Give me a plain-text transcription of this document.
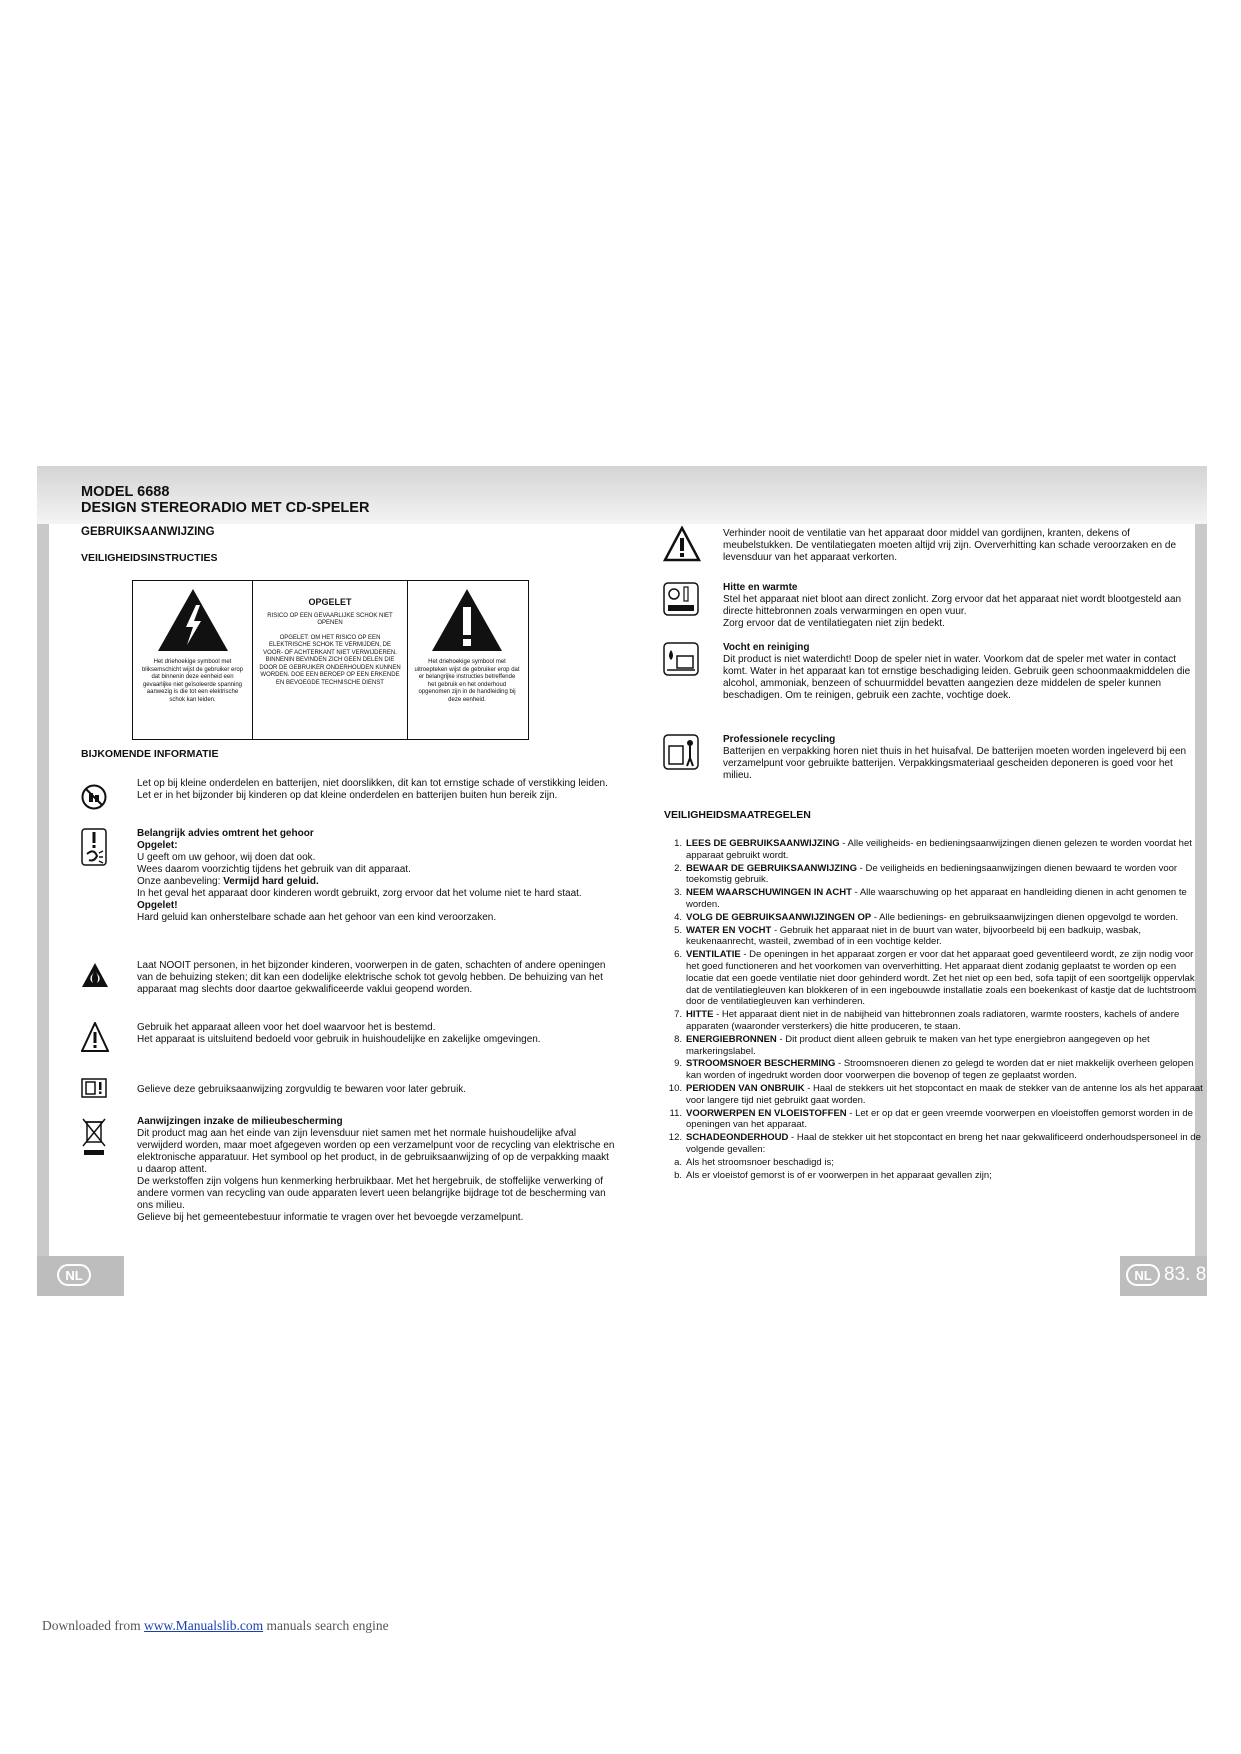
MODEL 6688
DESIGN STEREORADIO MET CD-SPELER
GEBRUIKSAANWIJZING
VEILIGHEIDSINSTRUCTIES
Het driehoekige symbool met bliksemschicht wijst de gebruiker erop dat binnenin deze eenheid een gevaarlijke niet geïsoleerde spanning aanwezig is die tot een elektrische schok kan leiden.
OPGELET
RISICO OP EEN GEVAARLIJKE SCHOK NIET OPENEN
OPGELET: OM HET RISICO OP EEN ELEKTRISCHE SCHOK TE VERMIJDEN, DE VOOR- OF ACHTERKANT NIET VERWIJDEREN. BINNENIN BEVINDEN ZICH GEEN DELEN DIE DOOR DE GEBRUIKER ONDERHOUDEN KUNNEN WORDEN. DOE EEN BEROEP OP EEN ERKENDE EN BEVOEGDE TECHNISCHE DIENST
Het driehoekige symbool met uitroepteken wijst de gebruiker erop dat er belangrijke instructies betreffende het gebruik en het onderhoud opgenomen zijn in de handleiding bij deze eenheid.
BIJKOMENDE INFORMATIE

Let op bij kleine onderdelen en batterijen, niet doorslikken, dit kan tot ernstige schade of verstikking leiden. Let er in het bijzonder bij kinderen op dat kleine onderdelen en batterijen buiten hun bereik zijn.

Belangrijk advies omtrent het gehoor

Opgelet:

U geeft om uw gehoor, wij doen dat ook.

Wees daarom voorzichtig tijdens het gebruik van dit apparaat.

Onze aanbeveling: Vermijd hard geluid.

In het geval het apparaat door kinderen wordt gebruikt, zorg ervoor dat het volume niet te hard staat.

Opgelet!

Hard geluid kan onherstelbare schade aan het gehoor van een kind veroorzaken.

Laat NOOIT personen, in het bijzonder kinderen, voorwerpen in de gaten, schachten of andere openingen van de behuizing steken; dit kan een dodelijke elektrische schok tot gevolg hebben. De behuizing van het apparaat mag slechts door daartoe gekwalificeerde vaklui geopend worden.

Gebruik het apparaat alleen voor het doel waarvoor het is bestemd.

Het apparaat is uitsluitend bedoeld voor gebruik in huishoudelijke en zakelijke omgevingen.

Gelieve deze gebruiksaanwijzing zorgvuldig te bewaren voor later gebruik.

Aanwijzingen inzake de milieubescherming

Dit product mag aan het einde van zijn levensduur niet samen met het normale huishoudelijke afval verwijderd worden, maar moet afgegeven worden op een verzamelpunt voor de recycling van elektrische en elektronische apparatuur. Het symbool op het product, in de gebruiksaanwijzing of op de verpakking maakt u daarop attent.

De werkstoffen zijn volgens hun kenmerking herbruikbaar. Met het hergebruik, de stoffelijke verwerking of andere vormen van recycling van oude apparaten levert ueen belangrijke bijdrage tot de bescherming van ons milieu.

Gelieve bij het gemeentebestuur informatie te vragen over het bevoegde verzamelpunt.

Verhinder nooit de ventilatie van het apparaat door middel van gordijnen, kranten, dekens of meubelstukken. De ventilatiegaten moeten altijd vrij zijn. Oververhitting kan schade veroorzaken en de levensduur van het apparaat verkorten.

Hitte en warmte

Stel het apparaat niet bloot aan direct zonlicht. Zorg ervoor dat het apparaat niet wordt blootgesteld aan directe hittebronnen zoals verwarmingen en open vuur.

Zorg ervoor dat de ventilatiegaten niet zijn bedekt.

Vocht en reiniging

Dit product is niet waterdicht! Doop de speler niet in water. Voorkom dat de speler met water in contact komt. Water in het apparaat kan tot ernstige beschadiging leiden. Gebruik geen schoonmaakmiddelen die alcohol, ammoniak, benzeen of schuurmiddel bevatten aangezien deze middelen de speler kunnen beschadigen. Om te reinigen, gebruik een zachte, vochtige doek.

Professionele recycling

Batterijen en verpakking horen niet thuis in het huisafval. De batterijen moeten worden ingeleverd bij een verzamelpunt voor gebruikte batterijen. Verpakkingsmateriaal gescheiden deponeren is goed voor het milieu.

VEILIGHEIDSMAATREGELEN
1. LEES DE GEBRUIKSAANWIJZING - Alle veiligheids- en bedieningsaanwijzingen dienen gelezen te worden voordat het apparaat gebruikt wordt.
2. BEWAAR DE GEBRUIKSAANWIJZING - De veiligheids en bedieningsaanwijzingen dienen bewaard te worden voor toekomstig gebruik.
3. NEEM WAARSCHUWINGEN IN ACHT - Alle waarschuwing op het apparaat en handleiding dienen in acht genomen te worden.
4. VOLG DE GEBRUIKSAANWIJZINGEN OP - Alle bedienings- en gebruiksaanwijzingen dienen opgevolgd te worden.
5. WATER EN VOCHT - Gebruik het apparaat niet in de buurt van water, bijvoorbeeld bij een badkuip, wasbak, keukenaanrecht, wasteil, zwembad of in een vochtige kelder.
6. VENTILATIE - De openingen in het apparaat zorgen er voor dat het apparaat goed geventileerd wordt, ze zijn nodig voor het goed functioneren and het voorkomen van oververhitting. Het apparaat dient zodanig geplaatst te worden op een locatie dat een goede ventilatie niet door gehinderd wordt. Zet het niet op een bed, sofa tapijt of een soortgelijk oppervlak dat de ventilatiegleuven kan blokkeren of in een ingebouwde installatie zoals een boekenkast of kastje dat de luchtstroom door de ventilatiegleuven kan verhinderen.
7. HITTE - Het apparaat dient niet in de nabijheid van hittebronnen zoals radiatoren, warmte roosters, kachels of andere apparaten (waaronder versterkers) die hitte produceren, te staan.
8. ENERGIEBRONNEN - Dit product dient alleen gebruik te maken van het type energiebron aangegeven op het markeringslabel.
9. STROOMSNOER BESCHERMING - Stroomsnoeren dienen zo gelegd te worden dat er niet makkelijk overheen gelopen kan worden of ingedrukt worden door voorwerpen die bovenop of tegen ze geplaatst worden.
10. PERIODEN VAN ONBRUIK - Haal de stekkers uit het stopcontact en maak de stekker van de antenne los als het apparaat voor langere tijd niet gebruikt gaat worden.
11. VOORWERPEN EN VLOEISTOFFEN - Let er op dat er geen vreemde voorwerpen en vloeistoffen gemorst worden in de openingen van het apparaat.
12. SCHADEONDERHOUD - Haal de stekker uit het stopcontact en breng het naar gekwalificeerd onderhoudspersoneel in de volgende gevallen:
a. Als het stroomsnoer beschadigd is;
b. Als er vloeistof gemorst is of er voorwerpen in het apparaat gevallen zijn;
NL	NL 83. 8
Downloaded from www.Manualslib.com manuals search engine
